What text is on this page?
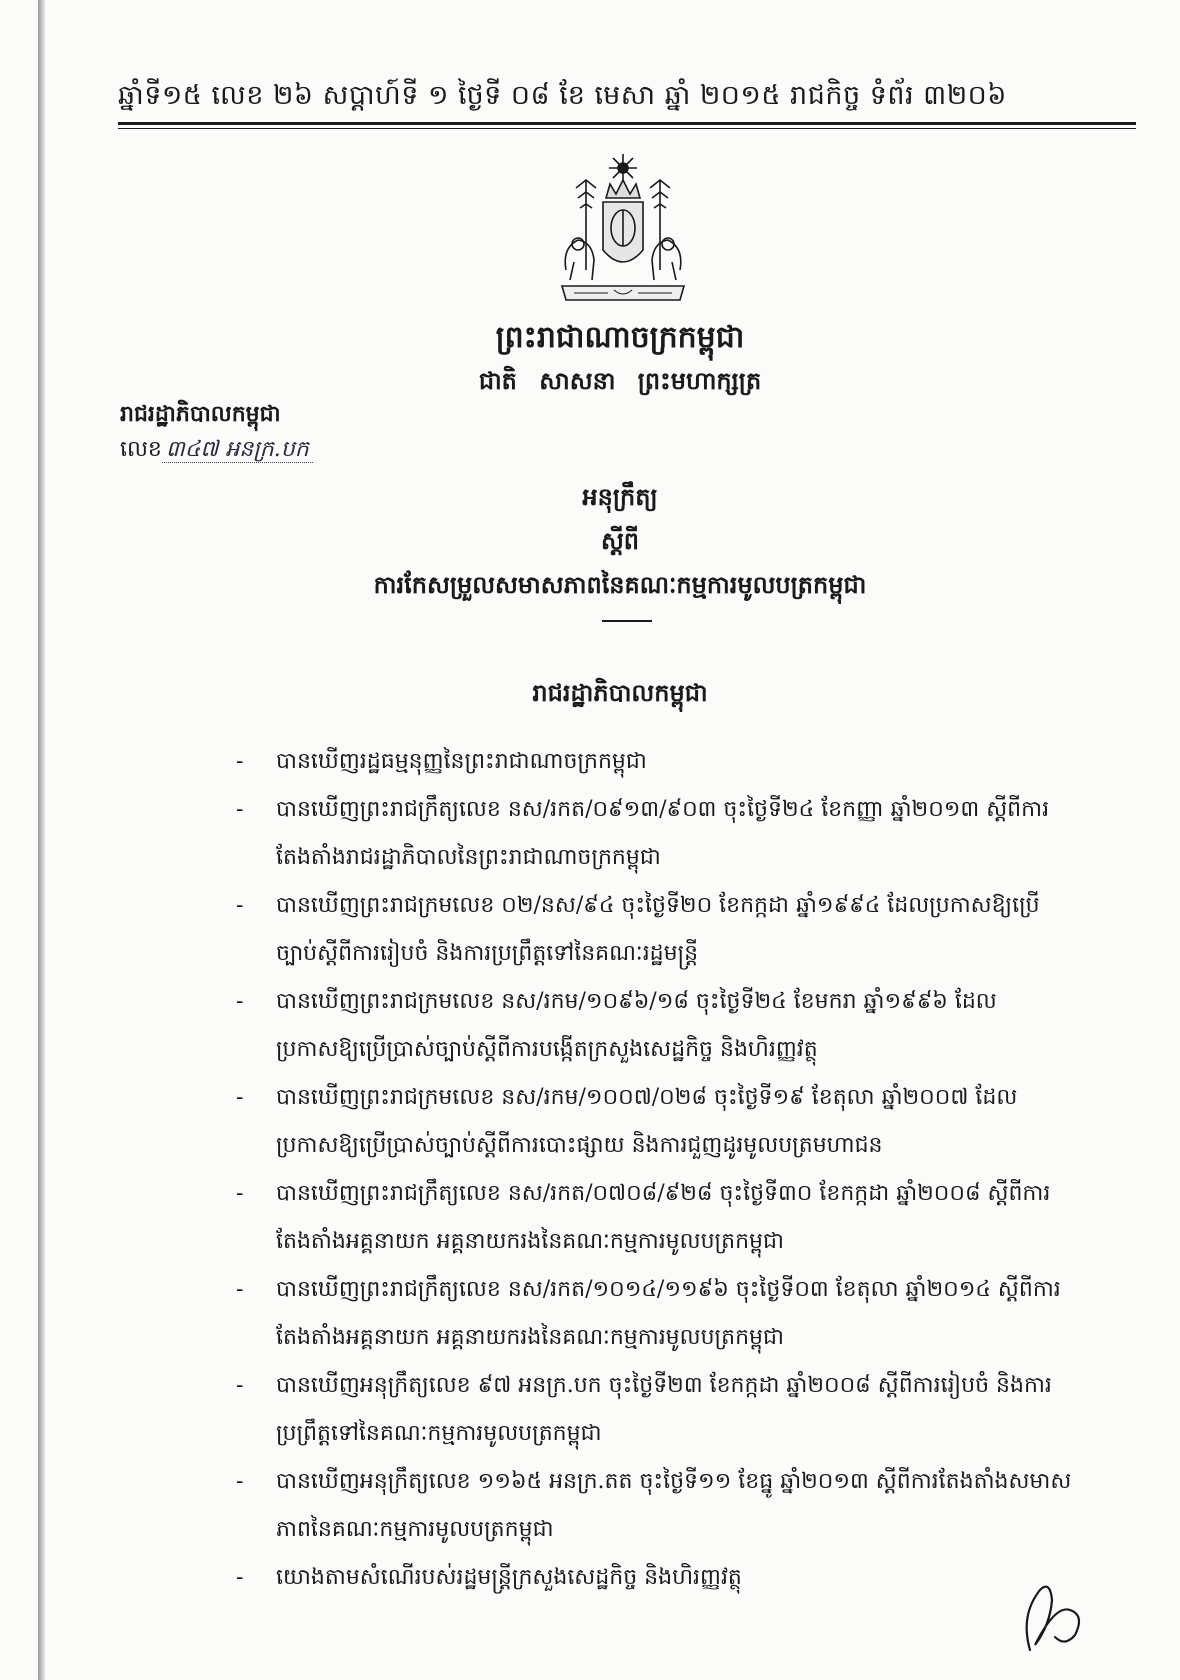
ឆ្នាំទី១៥ លេខ ២៦ សប្តាហ៍ទី ១ ថ្ងៃទី ០៨ ខែ មេសា ឆ្នាំ ២០១៥ រាជកិច្ច ទំព័រ ៣២០៦
ព្រះរាជាណាចក្រកម្ពុជា
ជាតិ សាសនា ព្រះមហាក្សត្រ
រាជរដ្ឋាភិបាលកម្ពុជា
លេខ ៣៤៧ អនក្រ.បក
អនុក្រឹត្យ
ស្តីពី
ការកែសម្រួលសមាសភាពនៃគណៈកម្មការមូលបត្រកម្ពុជា
រាជរដ្ឋាភិបាលកម្ពុជា
- បានឃើញរដ្ឋធម្មនុញ្ញនៃព្រះរាជាណាចក្រកម្ពុជា
- បានឃើញព្រះរាជក្រឹត្យលេខ នស/រកត/០៩១៣/៩០៣ ចុះថ្ងៃទី២៤ ខែកញ្ញា ឆ្នាំ២០១៣ ស្តីពីការតែងតាំងរាជរដ្ឋាភិបាលនៃព្រះរាជាណាចក្រកម្ពុជា
- បានឃើញព្រះរាជក្រមលេខ ០២/នស/៩៤ ចុះថ្ងៃទី២០ ខែកក្កដា ឆ្នាំ១៩៩៤ ដែលប្រកាសឱ្យប្រើច្បាប់ស្តីពីការរៀបចំ និងការប្រព្រឹត្តទៅនៃគណៈរដ្ឋមន្ត្រី
- បានឃើញព្រះរាជក្រមលេខ នស/រកម/១០៩៦/១៨ ចុះថ្ងៃទី២៤ ខែមករា ឆ្នាំ១៩៩៦ ដែលប្រកាសឱ្យប្រើប្រាស់ច្បាប់ស្តីពីការបង្កើតក្រសួងសេដ្ឋកិច្ច និងហិរញ្ញវត្ថុ
- បានឃើញព្រះរាជក្រមលេខ នស/រកម/១០០៧/០២៨ ចុះថ្ងៃទី១៩ ខែតុលា ឆ្នាំ២០០៧ ដែលប្រកាសឱ្យប្រើប្រាស់ច្បាប់ស្តីពីការបោះផ្សាយ និងការជួញដូរមូលបត្រមហាជន
- បានឃើញព្រះរាជក្រឹត្យលេខ នស/រកត/០៧០៨/៩២៨ ចុះថ្ងៃទី៣០ ខែកក្កដា ឆ្នាំ២០០៨ ស្តីពីការតែងតាំងអគ្គនាយក អគ្គនាយករងនៃគណៈកម្មការមូលបត្រកម្ពុជា
- បានឃើញព្រះរាជក្រឹត្យលេខ នស/រកត/១០១៤/១១៩៦ ចុះថ្ងៃទី០៣ ខែតុលា ឆ្នាំ២០១៤ ស្តីពីការតែងតាំងអគ្គនាយក អគ្គនាយករងនៃគណៈកម្មការមូលបត្រកម្ពុជា
- បានឃើញអនុក្រឹត្យលេខ ៩៧ អនក្រ.បក ចុះថ្ងៃទី២៣ ខែកក្កដា ឆ្នាំ២០០៨ ស្តីពីការរៀបចំ និងការប្រព្រឹត្តទៅនៃគណៈកម្មការមូលបត្រកម្ពុជា
- បានឃើញអនុក្រឹត្យលេខ ១១៦៥ អនក្រ.តត ចុះថ្ងៃទី១១ ខែធ្នូ ឆ្នាំ២០១៣ ស្តីពីការតែងតាំងសមាសភាពនៃគណៈកម្មការមូលបត្រកម្ពុជា
- យោងតាមសំណើរបស់រដ្ឋមន្ត្រីក្រសួងសេដ្ឋកិច្ច និងហិរញ្ញវត្ថុ
